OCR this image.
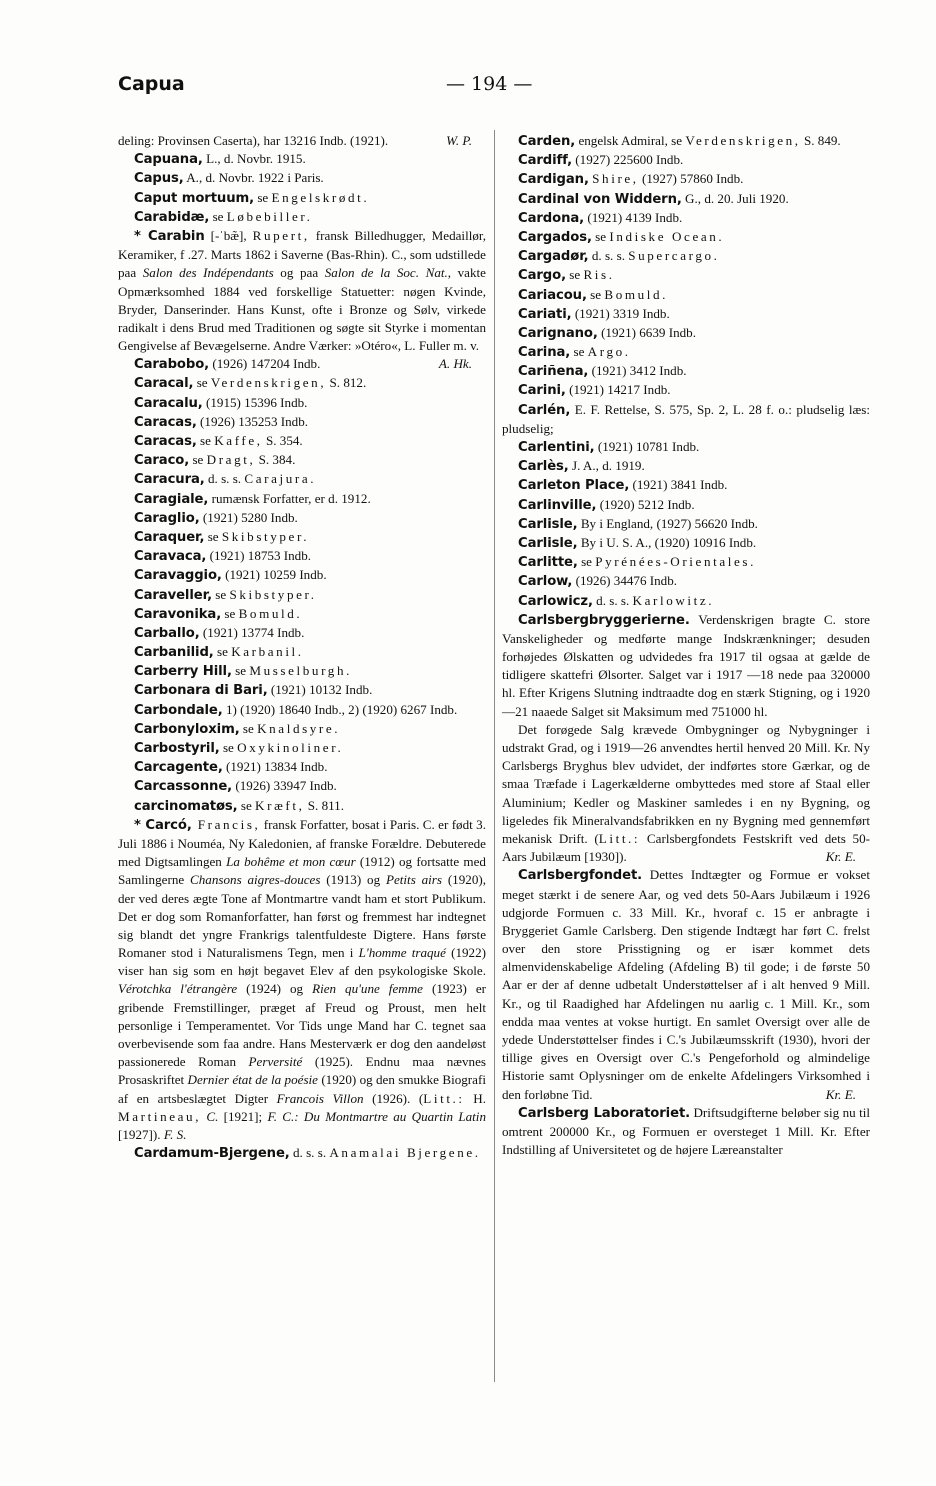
Capua	— 194 —

deling: Provinsen Caserta), har 13216 Indb. (1921).	W. P.

Capuana, L., d. Novbr. 1915.

Capus, A., d. Novbr. 1922 i Paris.

Caput mortuum, se Engelskrødt.

Carabidæ, se Løbebiller.

* Carabin [-ˈbæ̃], Rupert, fransk Billedhugger, Medaillør, Keramiker, f .27. Marts 1862 i Saverne (Bas-Rhin). C., som udstillede paa Salon des Indépendants og paa Salon de la Soc. Nat., vakte Opmærksomhed 1884 ved forskellige Statuetter: nøgen Kvinde, Bryder, Danserinder. Hans Kunst, ofte i Bronze og Sølv, virkede radikalt i dens Brud med Traditionen og søgte sit Styrke i momentan Gengivelse af Bevægelserne. Andre Værker: »Otéro«, L. Fuller m. v.
A. Hk.

Carabobo, (1926) 147204 Indb.

Caracal, se Verdenskrigen, S. 812.

Caracalu, (1915) 15396 Indb.

Caracas, (1926) 135253 Indb.

Caracas, se Kaffe, S. 354.

Caraco, se Dragt, S. 384.

Caracura, d. s. s. Carajura.

Caragiale, rumænsk Forfatter, er d. 1912.

Caraglio, (1921) 5280 Indb.

Caraquer, se Skibstyper.

Caravaca, (1921) 18753 Indb.

Caravaggio, (1921) 10259 Indb.

Caraveller, se Skibstyper.

Caravonika, se Bomuld.

Carballo, (1921) 13774 Indb.

Carbanilid, se Karbanil.

Carberry Hill, se Musselburgh.

Carbonara di Bari, (1921) 10132 Indb.

Carbondale, 1) (1920) 18640 Indb., 2) (1920) 6267 Indb.

Carbonyloxim, se Knaldsyre.

Carbostyril, se Oxykinoliner.

Carcagente, (1921) 13834 Indb.

Carcassonne, (1926) 33947 Indb.

carcinomatøs, se Kræft, S. 811.

* Carcó, Francis, fransk Forfatter, bosat i Paris. C. er født 3. Juli 1886 i Nouméa, Ny Kaledonien, af franske Forældre. Debuterede med Digtsamlingen La bohême et mon cœur (1912) og fortsatte med Samlingerne Chansons aigres-douces (1913) og Petits airs (1920), der ved deres ægte Tone af Montmartre vandt ham et stort Publikum. Det er dog som Romanforfatter, han først og fremmest har indtegnet sig blandt det yngre Frankrigs talentfuldeste Digtere. Hans første Romaner stod i Naturalismens Tegn, men i L'homme traqué (1922) viser han sig som en højt begavet Elev af den psykologiske Skole. Vérotchka l'étrangère (1924) og Rien qu'une femme (1923) er gribende Fremstillinger, præget af Freud og Proust, men helt personlige i Temperamentet. Vor Tids unge Mand har C. tegnet saa overbevisende som faa andre. Hans Mesterværk er dog den aandeløst passionerede Roman Perversité (1925). Endnu maa nævnes Prosaskriftet Dernier état de la poésie (1920) og den smukke Biografi af en artsbeslægtet Digter Francois Villon (1926). (Litt.: H. Martineau, C. [1921]; F. C.: Du Montmartre au Quartin Latin [1927]). F. S.

Cardamum-Bjergene, d. s. s. Anamalai Bjergene.

Carden, engelsk Admiral, se Verdenskrigen, S. 849.

Cardiff, (1927) 225600 Indb.

Cardigan, Shire, (1927) 57860 Indb.

Cardinal von Widdern, G., d. 20. Juli 1920.

Cardona, (1921) 4139 Indb.

Cargados, se Indiske Ocean.

Cargadør, d. s. s. Supercargo.

Cargo, se Ris.

Cariacou, se Bomuld.

Cariati, (1921) 3319 Indb.

Carignano, (1921) 6639 Indb.

Carina, se Argo.

Cariñena, (1921) 3412 Indb.

Carini, (1921) 14217 Indb.

Carlén, E. F. Rettelse, S. 575, Sp. 2, L. 28 f. o.: pludselig læs: pludselig;

Carlentini, (1921) 10781 Indb.

Carlès, J. A., d. 1919.

Carleton Place, (1921) 3841 Indb.

Carlinville, (1920) 5212 Indb.

Carlisle, By i England, (1927) 56620 Indb.

Carlisle, By i U. S. A., (1920) 10916 Indb.

Carlitte, se Pyrénées-Orientales.

Carlow, (1926) 34476 Indb.

Carlowicz, d. s. s. Karlowitz.

Carlsbergbryggerierne. Verdenskrigen bragte C. store Vanskeligheder og medførte mange Indskrænkninger; desuden forhøjedes Ølskatten og udvidedes fra 1917 til ogsaa at gælde de tidligere skattefri Ølsorter. Salget var i 1917 —18 nede paa 320000 hl. Efter Krigens Slutning indtraadte dog en stærk Stigning, og i 1920—21 naaede Salget sit Maksimum med 751000 hl.

Det forøgede Salg krævede Ombygninger og Nybygninger i udstrakt Grad, og i 1919—26 anvendtes hertil henved 20 Mill. Kr. Ny Carlsbergs Bryghus blev udvidet, der indførtes store Gærkar, og de smaa Træfade i Lagerkælderne ombyttedes med store af Staal eller Aluminium; Kedler og Maskiner samledes i en ny Bygning, og ligeledes fik Mineralvandsfabrikken en ny Bygning med gennemført mekanisk Drift. (Litt.: Carlsbergfondets Festskrift ved dets 50-Aars Jubilæum [1930]).	Kr. E.

Carlsbergfondet. Dettes Indtægter og Formue er vokset meget stærkt i de senere Aar, og ved dets 50-Aars Jubilæum i 1926 udgjorde Formuen c. 33 Mill. Kr., hvoraf c. 15 er anbragte i Bryggeriet Gamle Carlsberg. Den stigende Indtægt har ført C. frelst over den store Prisstigning og er især kommet dets almenvidenskabelige Afdeling (Afdeling B) til gode; i de første 50 Aar er der af denne udbetalt Understøttelser af i alt henved 9 Mill. Kr., og til Raadighed har Afdelingen nu aarlig c. 1 Mill. Kr., som endda maa ventes at vokse hurtigt. En samlet Oversigt over alle de ydede Understøttelser findes i C.'s Jubilæumsskrift (1930), hvori der tillige gives en Oversigt over C.'s Pengeforhold og almindelige Historie samt Oplysninger om de enkelte Afdelingers Virksomhed i den forløbne Tid.	Kr. E.

Carlsberg Laboratoriet. Driftsudgifterne beløber sig nu til omtrent 200000 Kr., og Formuen er oversteget 1 Mill. Kr. Efter Indstilling af Universitetet og de højere Læreanstalter
